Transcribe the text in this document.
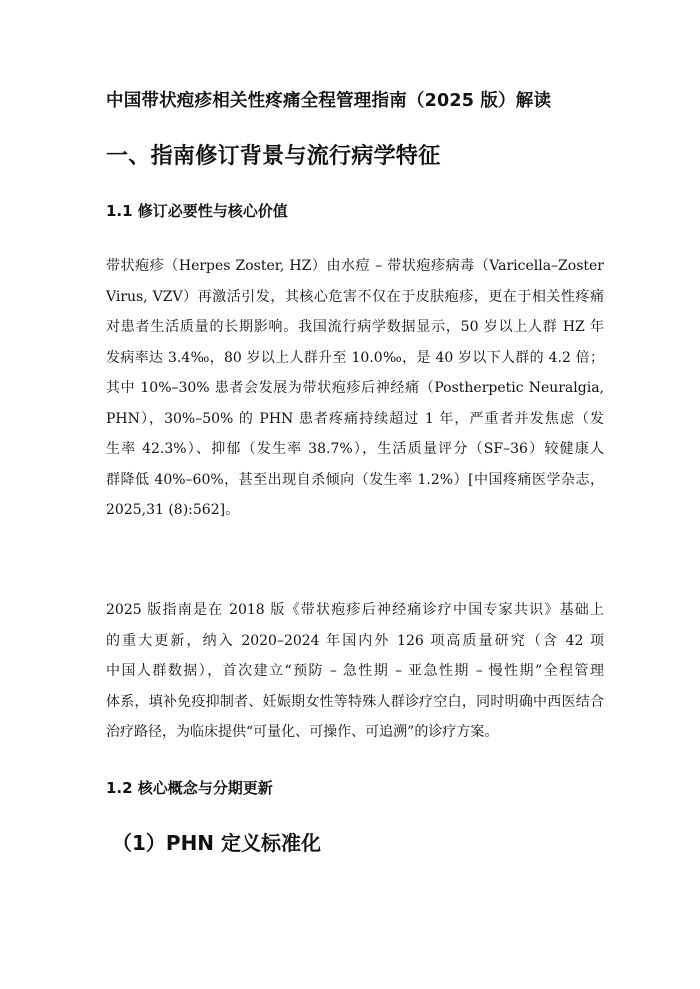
中国带状疱疹相关性疼痛全程管理指南（2025 版）解读
一、指南修订背景与流行病学特征
1.1 修订必要性与核心价值
带状疱疹（Herpes Zoster, HZ）由水痘 – 带状疱疹病毒（Varicella–Zoster
Virus, VZV）再激活引发，其核心危害不仅在于皮肤疱疹，更在于相关性疼痛
对患者生活质量的长期影响。我国流行病学数据显示，50 岁以上人群 HZ 年
发病率达 3.4‰，80 岁以上人群升至 10.0‰，是 40 岁以下人群的 4.2 倍；
其中 10%–30% 患者会发展为带状疱疹后神经痛（Postherpetic Neuralgia,
PHN），30%–50% 的 PHN 患者疼痛持续超过 1 年，严重者并发焦虑（发
生率 42.3%）、抑郁（发生率 38.7%），生活质量评分（SF–36）较健康人
群降低 40%–60%，甚至出现自杀倾向（发生率 1.2%）[中国疼痛医学杂志，
2025,31 (8):562]。
2025 版指南是在 2018 版《带状疱疹后神经痛诊疗中国专家共识》基础上
的重大更新，纳入 2020–2024 年国内外 126 项高质量研究（含 42 项
中国人群数据），首次建立“预防 – 急性期 – 亚急性期 – 慢性期”全程管理
体系，填补免疫抑制者、妊娠期女性等特殊人群诊疗空白，同时明确中西医结合
治疗路径，为临床提供“可量化、可操作、可追溯”的诊疗方案。
1.2 核心概念与分期更新
（1）PHN 定义标准化
